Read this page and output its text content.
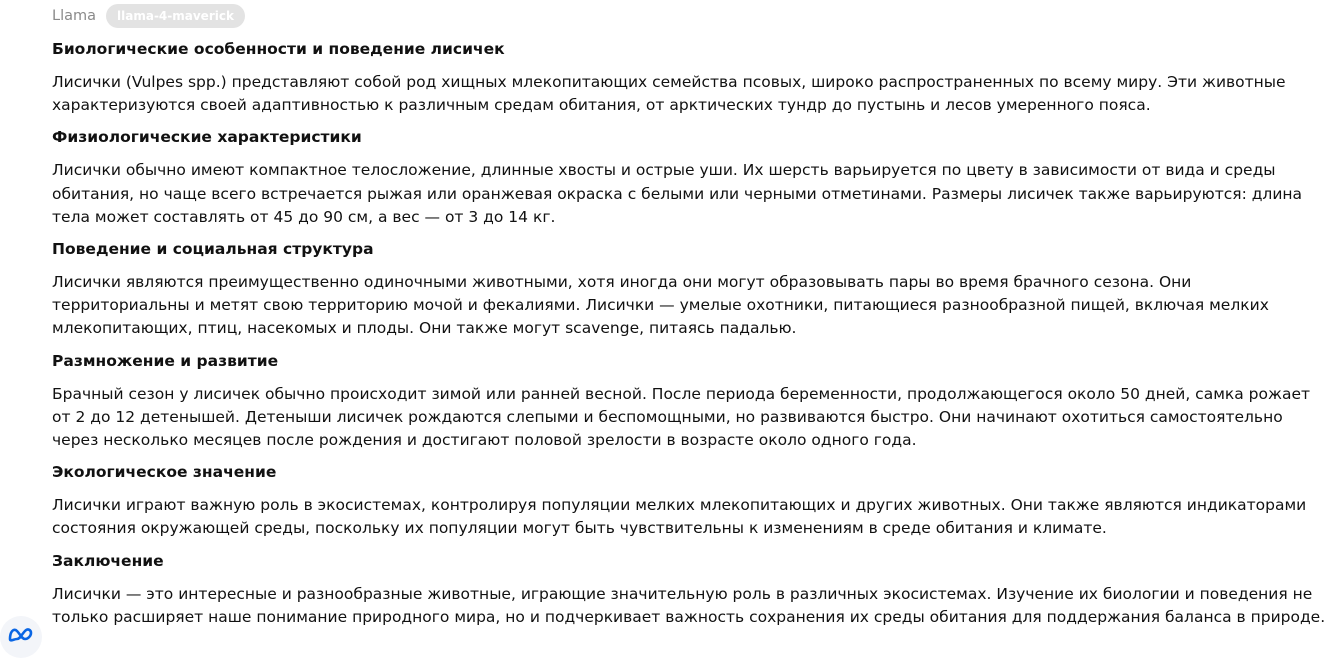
Llama	llama-4-maverick
Биологические особенности и поведение лисичек

Лисички (Vulpes spp.) представляют собой род хищных млекопитающих семейства псовых, широко распространенных по всему миру. Эти животные характеризуются своей адаптивностью к различным средам обитания, от арктических тундр до пустынь и лесов умеренного пояса.

Физиологические характеристики

Лисички обычно имеют компактное телосложение, длинные хвосты и острые уши. Их шерсть варьируется по цвету в зависимости от вида и среды обитания, но чаще всего встречается рыжая или оранжевая окраска с белыми или черными отметинами. Размеры лисичек также варьируются: длина тела может составлять от 45 до 90 см, а вес — от 3 до 14 кг.

Поведение и социальная структура

Лисички являются преимущественно одиночными животными, хотя иногда они могут образовывать пары во время брачного сезона. Они территориальны и метят свою территорию мочой и фекалиями. Лисички — умелые охотники, питающиеся разнообразной пищей, включая мелких млекопитающих, птиц, насекомых и плоды. Они также могут scavenge, питаясь падалью.

Размножение и развитие

Брачный сезон у лисичек обычно происходит зимой или ранней весной. После периода беременности, продолжающегося около 50 дней, самка рожает от 2 до 12 детенышей. Детеныши лисичек рождаются слепыми и беспомощными, но развиваются быстро. Они начинают охотиться самостоятельно через несколько месяцев после рождения и достигают половой зрелости в возрасте около одного года.

Экологическое значение

Лисички играют важную роль в экосистемах, контролируя популяции мелких млекопитающих и других животных. Они также являются индикаторами состояния окружающей среды, поскольку их популяции могут быть чувствительны к изменениям в среде обитания и климате.

Заключение

Лисички — это интересные и разнообразные животные, играющие значительную роль в различных экосистемах. Изучение их биологии и поведения не только расширяет наше понимание природного мира, но и подчеркивает важность сохранения их среды обитания для поддержания баланса в природе.
